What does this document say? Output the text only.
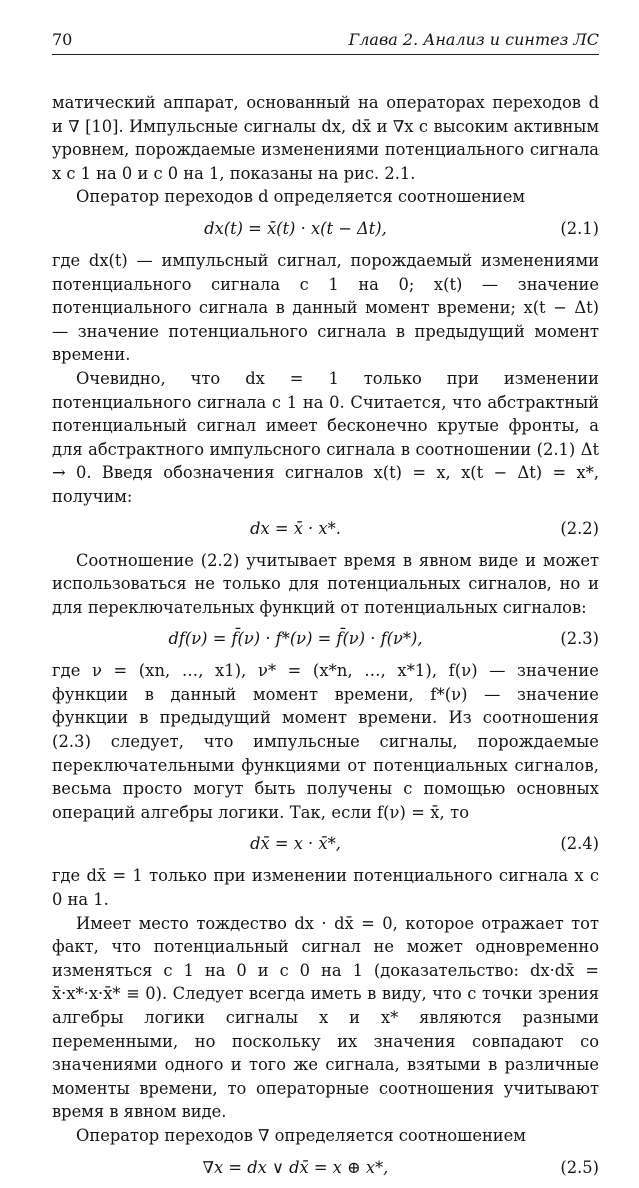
70	Глава 2. Анализ и синтез ЛС

матический аппарат, основанный на операторах переходов d и ∇ [10]. Импульсные сигналы dx, dx̄ и ∇x с высоким активным уровнем, порождаемые изменениями потенциального сигнала x с 1 на 0 и с 0 на 1, показаны на рис. 2.1.

Оператор переходов d определяется соотношением

dx(t) = x̄(t) · x(t − Δt),	(2.1)

где dx(t) — импульсный сигнал, порождаемый изменениями потенциального сигнала с 1 на 0; x(t) — значение потенциального сигнала в данный момент времени; x(t − Δt) — значение потенциального сигнала в предыдущий момент времени.

Очевидно, что dx = 1 только при изменении потенциального сигнала с 1 на 0. Считается, что абстрактный потенциальный сигнал имеет бесконечно крутые фронты, а для абстрактного импульсного сигнала в соотношении (2.1) Δt → 0. Введя обозначения сигналов x(t) = x, x(t − Δt) = x*, получим:

dx = x̄ · x*.	(2.2)

Соотношение (2.2) учитывает время в явном виде и может использоваться не только для потенциальных сигналов, но и для переключательных функций от потенциальных сигналов:

df(ν) = f̄(ν) · f*(ν) = f̄(ν) · f(ν*),	(2.3)

где ν = (xn, …, x1), ν* = (x*n, …, x*1), f(ν) — значение функции в данный момент времени, f*(ν) — значение функции в предыдущий момент времени. Из соотношения (2.3) следует, что импульсные сигналы, порождаемые переключательными функциями от потенциальных сигналов, весьма просто могут быть получены с помощью основных операций алгебры логики. Так, если f(ν) = x̄, то

dx̄ = x · x̄*,	(2.4)

где dx̄ = 1 только при изменении потенциального сигнала x с 0 на 1.

Имеет место тождество dx · dx̄ = 0, которое отражает тот факт, что потенциальный сигнал не может одновременно изменяться с 1 на 0 и с 0 на 1 (доказательство: dx·dx̄ = x̄·x*·x·x̄* ≡ 0). Следует всегда иметь в виду, что с точки зрения алгебры логики сигналы x и x* являются разными переменными, но поскольку их значения совпадают со значениями одного и того же сигнала, взятыми в различные моменты времени, то операторные соотношения учитывают время в явном виде.

Оператор переходов ∇ определяется соотношением

∇x = dx ∨ dx̄ = x ⊕ x*,	(2.5)
